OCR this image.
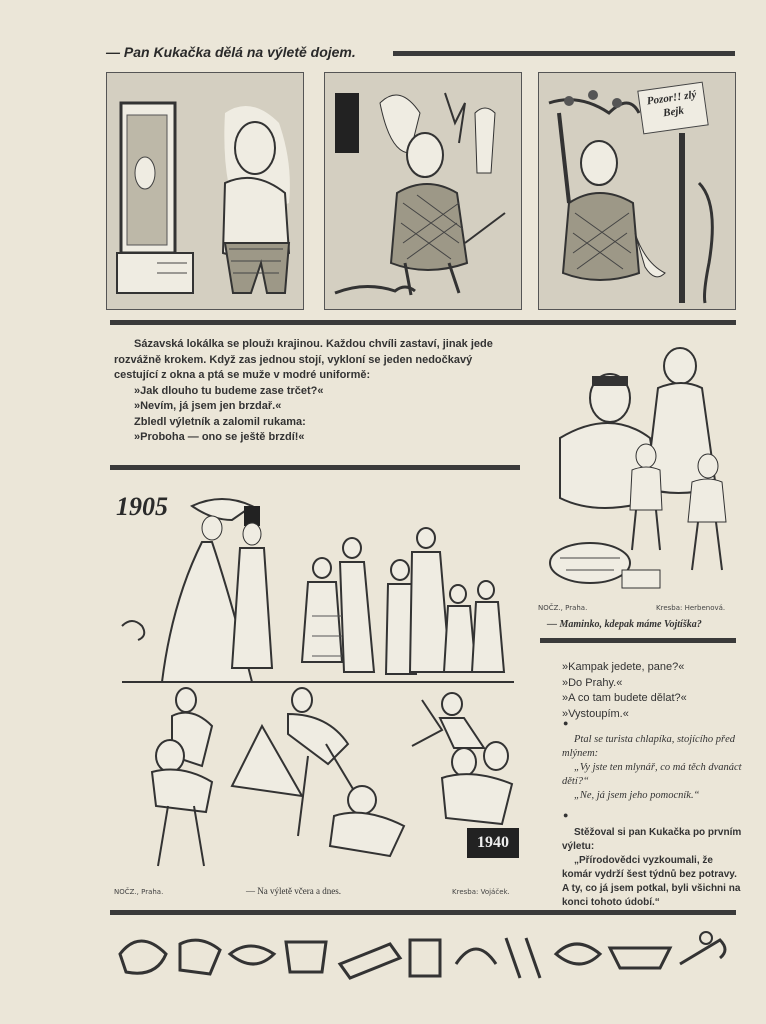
— Pan Kukačka dělá na výletě dojem.
Pozor!! zlý Bejk

Sázavská lokálka se ploužı krajinou. Každou chvíli zastaví, jinak jede rozvážně krokem. Když zas jednou stojí, vykloní se jeden nedočkavý cestující z okna a ptá se muže v modré uniformě:

»Jak dlouho tu budeme zase trčet?«

»Nevím, já jsem jen brzdař.«

Zbledl výletník a zalomil rukama:

»Proboha — ono se ještě brzdí!«

NOČZ., Praha.	Kresba: Herbenová.
— Maminko, kdepak máme Vojtíška?
1905
1940
NOČZ., Praha.	— Na výletě včera a dnes.	Kresba: Vojáček.

»Kampak jedete, pane?«

»Do Prahy.«

»A co tam budete dělat?«

»Vystoupím.«

●

Ptal se turista chlapíka, stojícího před mlýnem:

„Vy jste ten mlynář, co má těch dvanáct dětí?“

„Ne, já jsem jeho pomocník.“

●

Stěžoval si pan Kukačka po prvním výletu:

„Přírodovědci vyzkoumali, že komár vydrží šest týdnů bez potravy. A ty, co já jsem potkal, byli všichni na konci tohoto údobí.“
